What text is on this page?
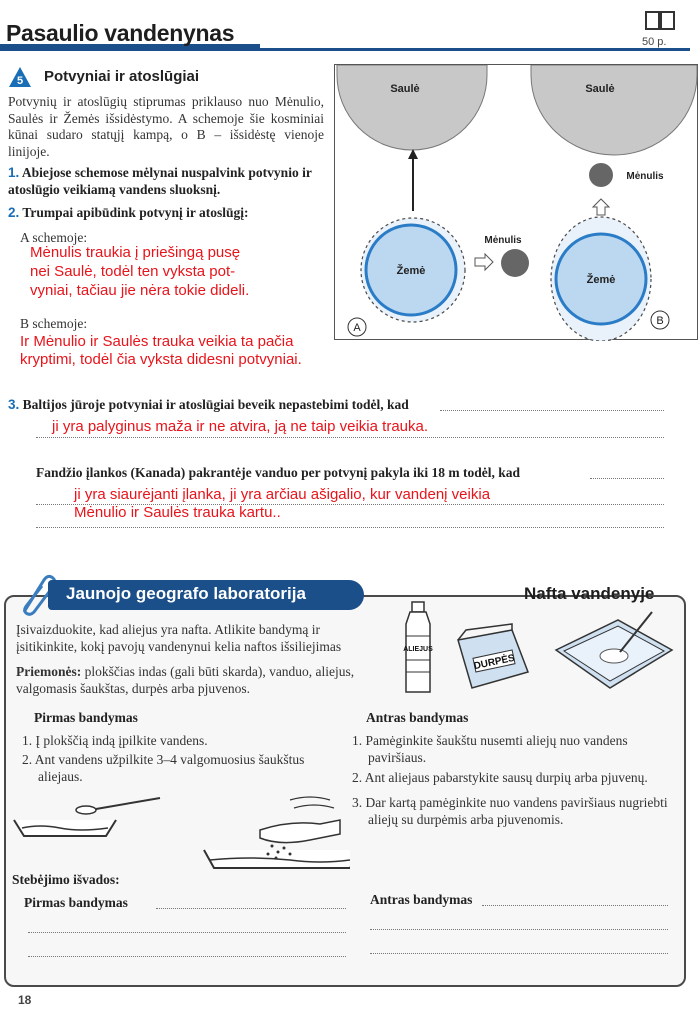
Pasaulio vandenynas	50 p.
5 Potvyniai ir atoslūgiai
Potvynių ir atoslūgių stiprumas priklauso nuo Mėnulio, Saulės ir Žemės išsidėstymo. A schemoje šie kosminiai kūnai sudaro statųjį kampą, o B – išsidėstę vienoje linijoje.
1. Abiejose schemose mėlynai nuspalvink potvynio ir atoslūgio veikiamą vandens sluoksnį.
2. Trumpai apibūdink potvynį ir atoslūgį:
A schemoje:
Mėnulis traukia į priešingą pusę
nei Saulė, todėl ten vyksta pot-
vyniai, tačiau jie nėra tokie dideli.
B schemoje:
Ir Mėnulio ir Saulės trauka veikia ta pačia
kryptimi, todėl čia vyksta didesni potvyniai.
Saulė	Saulė
Žemė
Mėnulis
A
Mėnulis
Žemė
B
3. Baltijos jūroje potvyniai ir atoslūgiai beveik nepastebimi todėl, kad
ji yra palyginus maža ir ne atvira, ją ne taip veikia trauka.
Fandžio įlankos (Kanada) pakrantėje vanduo per potvynį pakyla iki 18 m todėl, kad
ji yra siaurėjanti įlanka, ji yra arčiau ašigalio, kur vandenį veikia
Mėnulio ir Saulės trauka kartu..
Jaunojo geografo laboratorija	Nafta vandenyje
Įsivaizduokite, kad aliejus yra nafta. Atlikite bandymą ir įsitikinkite, kokį pavojų vandenynui kelia naftos išsiliejimas
Priemonės: plokščias indas (gali būti skarda), vanduo, aliejus, valgomasis šaukštas, durpės arba pjuvenos.
ALIEJUS
DURPĖS
Pirmas bandymas
1. Į plokščią indą įpilkite vandens.
2. Ant vandens užpilkite 3–4 valgomuosius šaukštus aliejaus.
Antras bandymas
1. Pamėginkite šaukštu nusemti aliejų nuo vandens paviršiaus.
2. Ant aliejaus pabarstykite sausų durpių arba pjuvenų.
3. Dar kartą pamėginkite nuo vandens paviršiaus nugriebti aliejų su durpėmis arba pjuvenomis.
Stebėjimo išvados:
Pirmas bandymas	Antras bandymas
18
